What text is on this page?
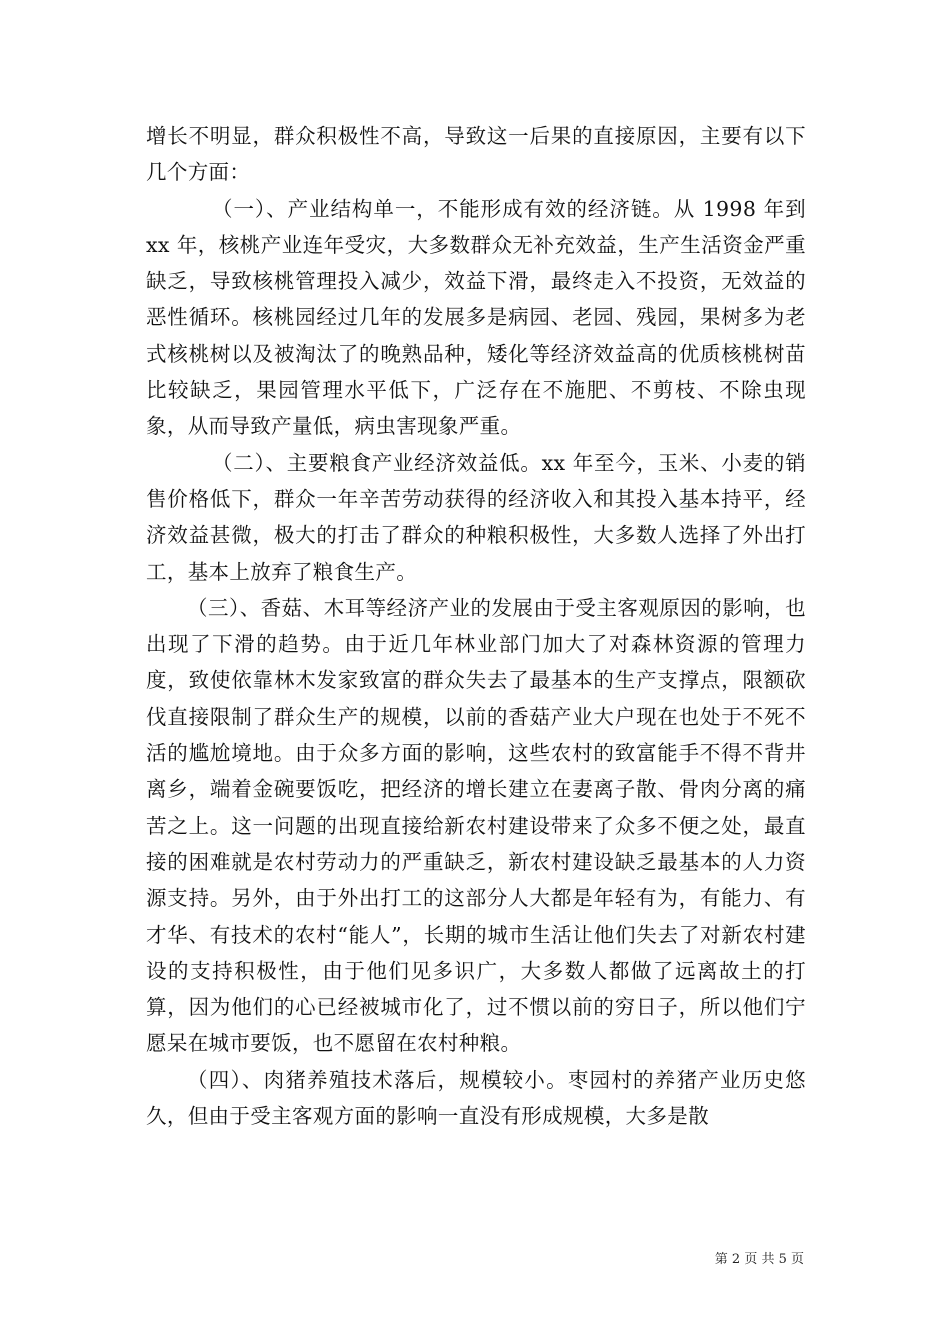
增长不明显，群众积极性不高，导致这一后果的直接原因，主要有以下几个方面：

（一）、产业结构单一，不能形成有效的经济链。从 1998 年到 xx 年，核桃产业连年受灾，大多数群众无补充效益，生产生活资金严重缺乏，导致核桃管理投入减少，效益下滑，最终走入不投资，无效益的恶性循环。核桃园经过几年的发展多是病园、老园、残园，果树多为老式核桃树以及被淘汰了的晚熟品种，矮化等经济效益高的优质核桃树苗比较缺乏，果园管理水平低下，广泛存在不施肥、不剪枝、不除虫现象，从而导致产量低，病虫害现象严重。

（二）、主要粮食产业经济效益低。xx 年至今，玉米、小麦的销售价格低下，群众一年辛苦劳动获得的经济收入和其投入基本持平，经济效益甚微，极大的打击了群众的种粮积极性，大多数人选择了外出打工，基本上放弃了粮食生产。

（三）、香菇、木耳等经济产业的发展由于受主客观原因的影响，也出现了下滑的趋势。由于近几年林业部门加大了对森林资源的管理力度，致使依靠林木发家致富的群众失去了最基本的生产支撑点，限额砍伐直接限制了群众生产的规模，以前的香菇产业大户现在也处于不死不活的尴尬境地。由于众多方面的影响，这些农村的致富能手不得不背井离乡，端着金碗要饭吃，把经济的增长建立在妻离子散、骨肉分离的痛苦之上。这一问题的出现直接给新农村建设带来了众多不便之处，最直接的困难就是农村劳动力的严重缺乏，新农村建设缺乏最基本的人力资源支持。另外，由于外出打工的这部分人大都是年轻有为，有能力、有才华、有技术的农村“能人”，长期的城市生活让他们失去了对新农村建设的支持积极性，由于他们见多识广，大多数人都做了远离故土的打算，因为他们的心已经被城市化了，过不惯以前的穷日子，所以他们宁愿呆在城市要饭，也不愿留在农村种粮。

（四）、肉猪养殖技术落后，规模较小。枣园村的养猪产业历史悠久，但由于受主客观方面的影响一直没有形成规模，大多是散

第 2 页 共 5 页
